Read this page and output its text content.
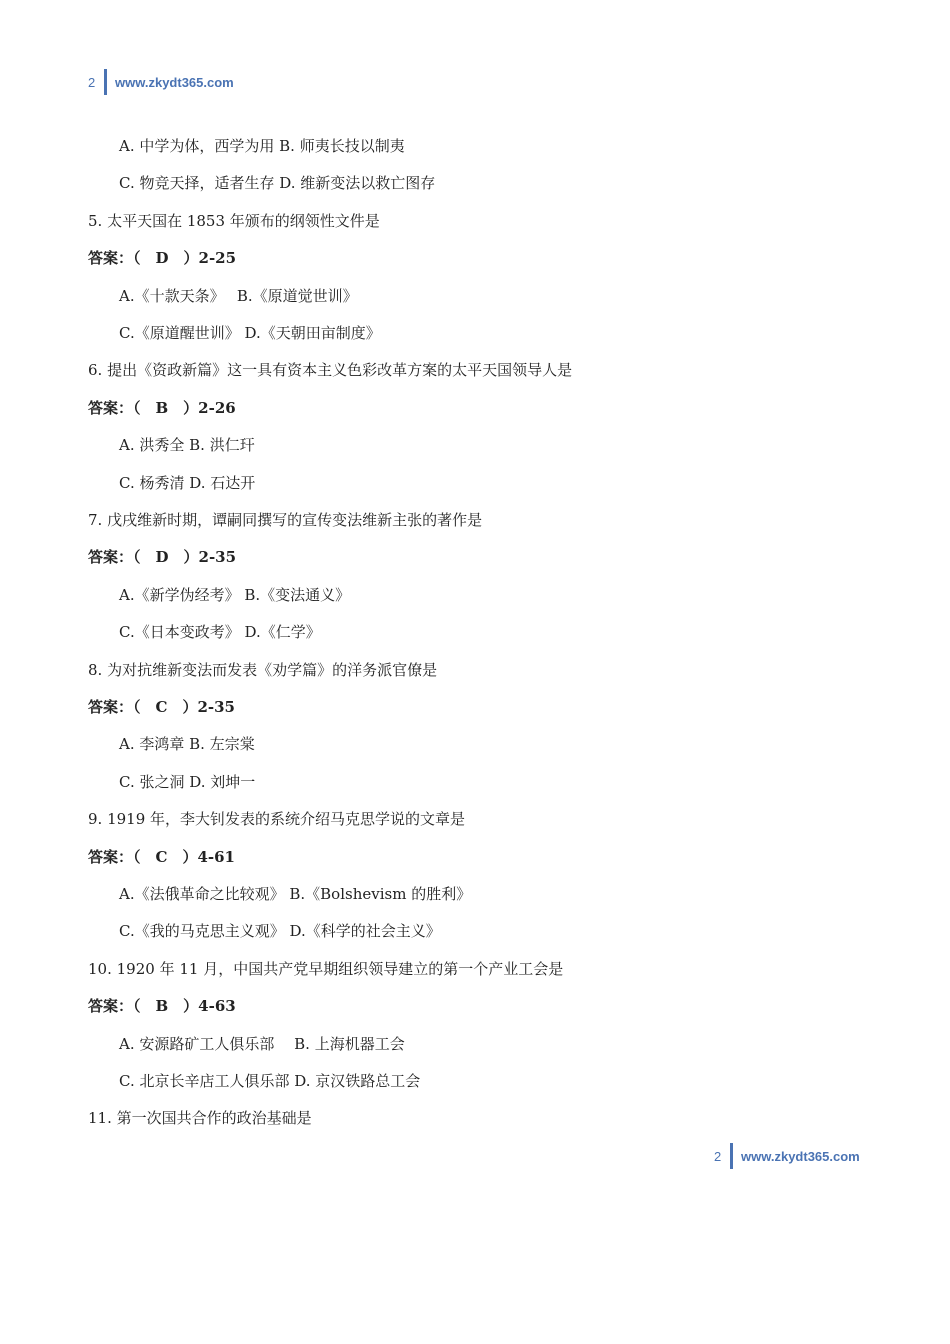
2	www.zkydt365.com
A. 中学为体，西学为用 B. 师夷长技以制夷
C. 物竞天择，适者生存 D. 维新变法以救亡图存
5. 太平天国在 1853 年颁布的纲领性文件是
答案：（　D　）2-25
A.《十款天条》　 B.《原道觉世训》
C.《原道醒世训》 D.《天朝田亩制度》
6. 提出《资政新篇》这一具有资本主义色彩改革方案的太平天国领导人是
答案：（　B　）2-26
A. 洪秀全 B. 洪仁玕
C. 杨秀清 D. 石达开
7. 戊戌维新时期，谭嗣同撰写的宣传变法维新主张的著作是
答案：（　D　）2-35
A.《新学伪经考》 B.《变法通义》
C.《日本变政考》 D.《仁学》
8. 为对抗维新变法而发表《劝学篇》的洋务派官僚是
答案：（　C　）2-35
A. 李鸿章 B. 左宗棠
C. 张之洞 D. 刘坤一
9. 1919 年，李大钊发表的系统介绍马克思学说的文章是
答案：（　C　）4-61
A.《法俄革命之比较观》 B.《Bolshevism 的胜利》
C.《我的马克思主义观》 D.《科学的社会主义》
10. 1920 年 11 月，中国共产党早期组织领导建立的第一个产业工会是
答案：（　B　）4-63
A. 安源路矿工人俱乐部　 B. 上海机器工会
C. 北京长辛店工人俱乐部 D. 京汉铁路总工会
11. 第一次国共合作的政治基础是
2	www.zkydt365.com
